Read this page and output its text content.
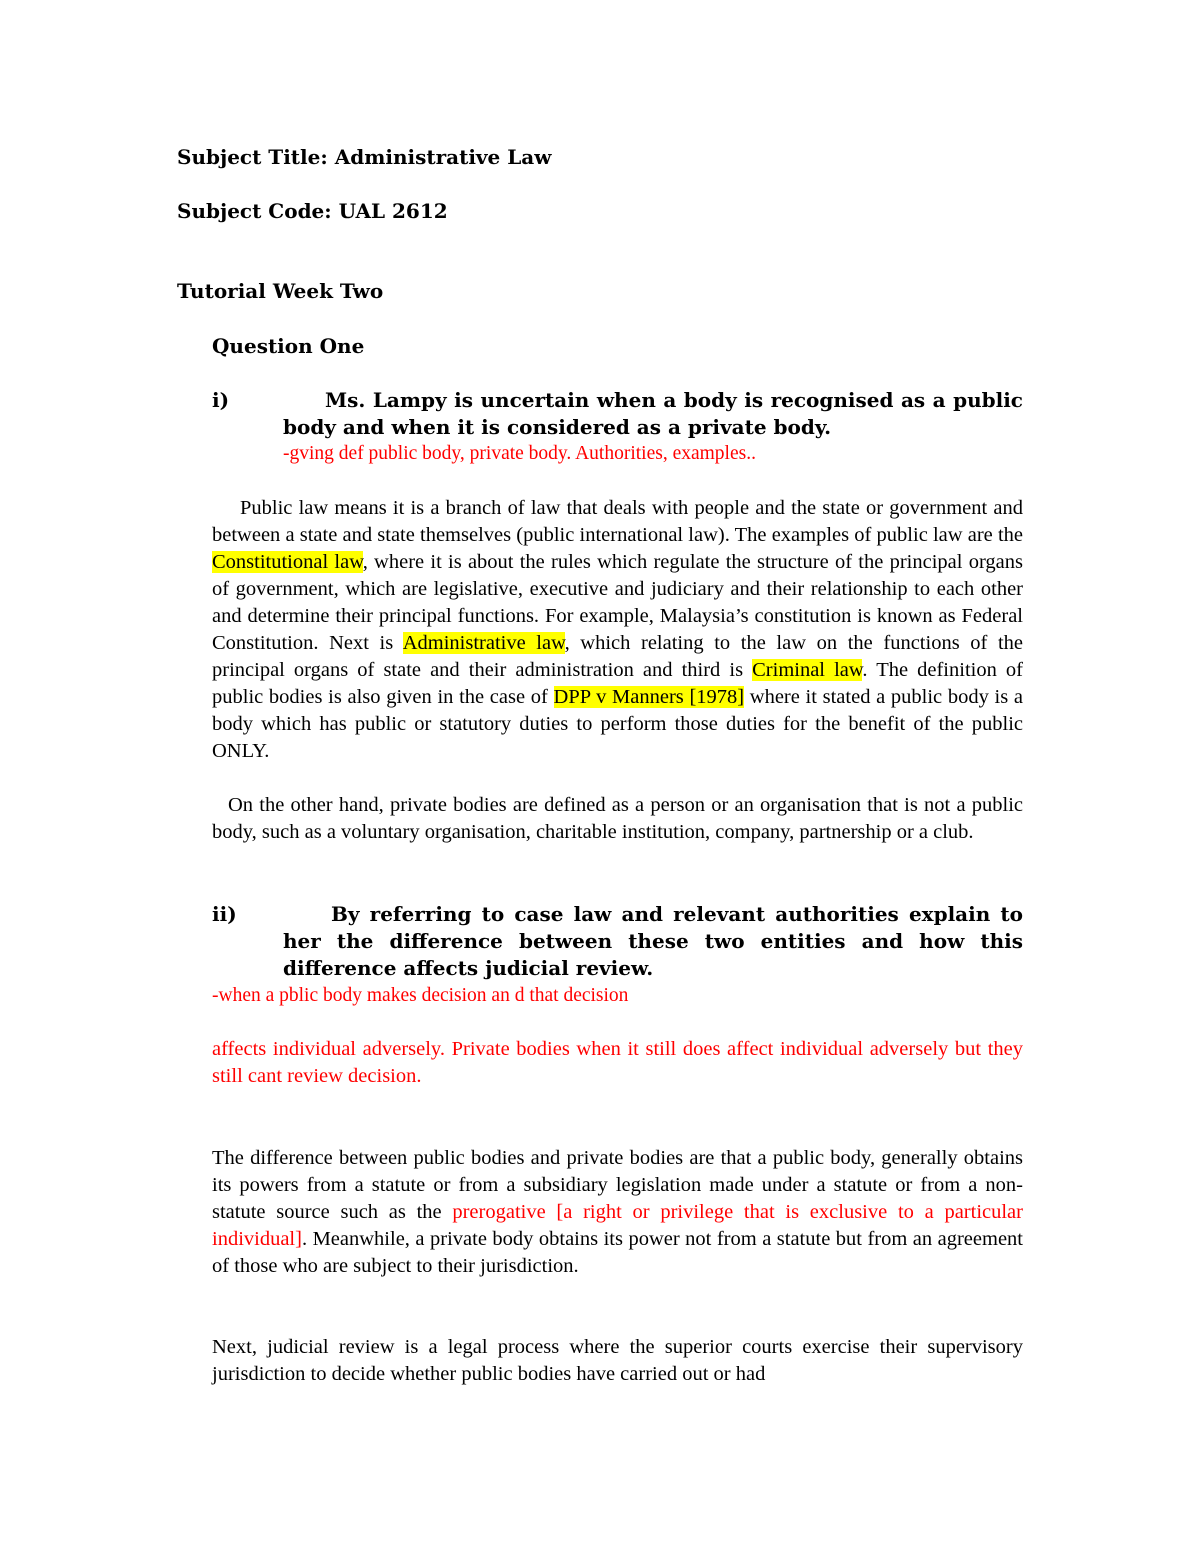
Subject Title: Administrative Law
Subject Code: UAL 2612
Tutorial Week Two
Question One
i)	Ms. Lampy is uncertain when a body is recognised as a public body and when it is considered as a private body.
-gving def public body, private body. Authorities, examples..
Public law means it is a branch of law that deals with people and the state or government and between a state and state themselves (public international law). The examples of public law are the Constitutional law, where it is about the rules which regulate the structure of the principal organs of government, which are legislative, executive and judiciary and their relationship to each other and determine their principal functions. For example, Malaysia’s constitution is known as Federal Constitution. Next is Administrative law, which relating to the law on the functions of the principal organs of state and their administration and third is Criminal law. The definition of public bodies is also given in the case of DPP v Manners [1978] where it stated a public body is a body which has public or statutory duties to perform those duties for the benefit of the public ONLY.
On the other hand, private bodies are defined as a person or an organisation that is not a public body, such as a voluntary organisation, charitable institution, company, partnership or a club.
ii)	By referring to case law and relevant authorities explain to her the difference between these two entities and how this difference affects judicial review.
-when a pblic body makes decision an d that decision
affects individual adversely. Private bodies when it still does affect individual adversely but they still cant review decision.
The difference between public bodies and private bodies are that a public body, generally obtains its powers from a statute or from a subsidiary legislation made under a statute or from a non-statute source such as the prerogative [a right or privilege that is exclusive to a particular individual]. Meanwhile, a private body obtains its power not from a statute but from an agreement of those who are subject to their jurisdiction.
Next, judicial review is a legal process where the superior courts exercise their supervisory jurisdiction to decide whether public bodies have carried out or had
